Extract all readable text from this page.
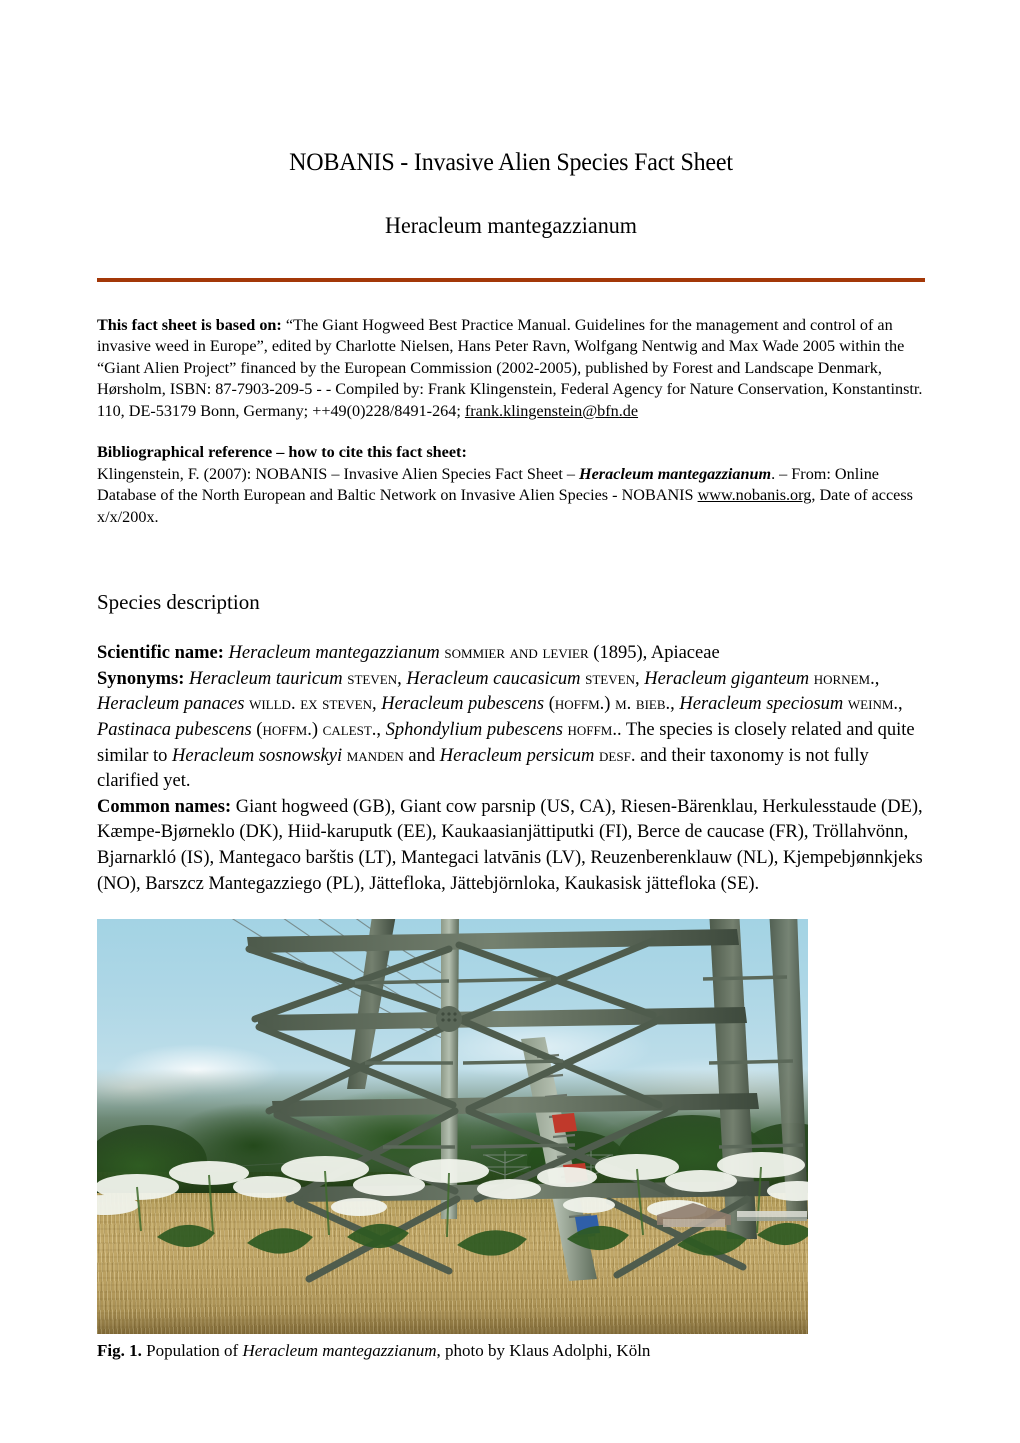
NOBANIS - Invasive Alien Species Fact Sheet
Heracleum mantegazzianum

This fact sheet is based on: “The Giant Hogweed Best Practice Manual. Guidelines for the management and control of an invasive weed in Europe”, edited by Charlotte Nielsen, Hans Peter Ravn, Wolfgang Nentwig and Max Wade 2005 within the “Giant Alien Project” financed by the European Commission (2002-2005), published by Forest and Landscape Denmark, Hørsholm, ISBN: 87-7903-209-5 - - Compiled by: Frank Klingenstein, Federal Agency for Nature Conservation, Konstantinstr. 110, DE-53179 Bonn, Germany; ++49(0)228/8491-264; frank.klingenstein@bfn.de

Bibliographical reference – how to cite this fact sheet:
Klingenstein, F. (2007): NOBANIS – Invasive Alien Species Fact Sheet – Heracleum mantegazzianum. – From: Online Database of the North European and Baltic Network on Invasive Alien Species - NOBANIS www.nobanis.org, Date of access x/x/200x.

Species description
Scientific name: Heracleum mantegazzianum sommier and levier (1895), Apiaceae
Synonyms: Heracleum tauricum steven, Heracleum caucasicum steven, Heracleum giganteum hornem., Heracleum panaces willd. ex steven, Heracleum pubescens (hoffm.) m. bieb., Heracleum speciosum weinm., Pastinaca pubescens (hoffm.) calest., Sphondylium pubescens hoffm.. The species is closely related and quite similar to Heracleum sosnowskyi manden and Heracleum persicum desf. and their taxonomy is not fully clarified yet.
Common names: Giant hogweed (GB), Giant cow parsnip (US, CA), Riesen-Bärenklau, Herkulesstaude (DE), Kæmpe-Bjørneklo (DK), Hiid-karuputk (EE), Kaukaasianjättiputki (FI), Berce de caucase (FR), Tröllahvönn, Bjarnarkló (IS), Mantegaco barštis (LT), Mantegaci latvānis (LV), Reuzenberenklauw (NL), Kjempebjønnkjeks (NO), Barszcz Mantegazziego (PL), Jättefloka, Jättebjörnloka, Kaukasisk jättefloka (SE).
Fig. 1. Population of Heracleum mantegazzianum, photo by Klaus Adolphi, Köln
